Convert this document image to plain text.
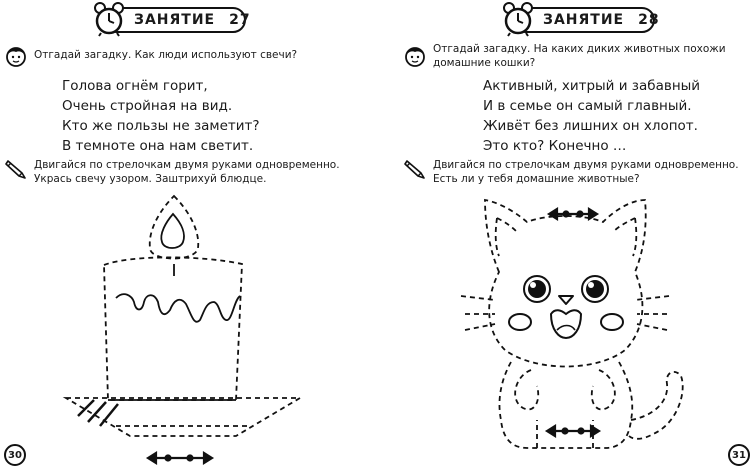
ЗАНЯТИЕ 27
Отгадай загадку. Как люди используют свечи?
Голова огнём горит,
Очень стройная на вид.
Кто же пользы не заметит?
В темноте она нам светит.
Двигайся по стрелочкам двумя руками одновременно.
Укрась свечу узором. Заштрихуй блюдце.
30
ЗАНЯТИЕ 28
Отгадай загадку. На каких диких животных похожи
домашние кошки?
Активный, хитрый и забавный
И в семье он самый главный.
Живёт без лишних он хлопот.
Это кто? Конечно …
Двигайся по стрелочкам двумя руками одновременно.
Есть ли у тебя домашние животные?
31
